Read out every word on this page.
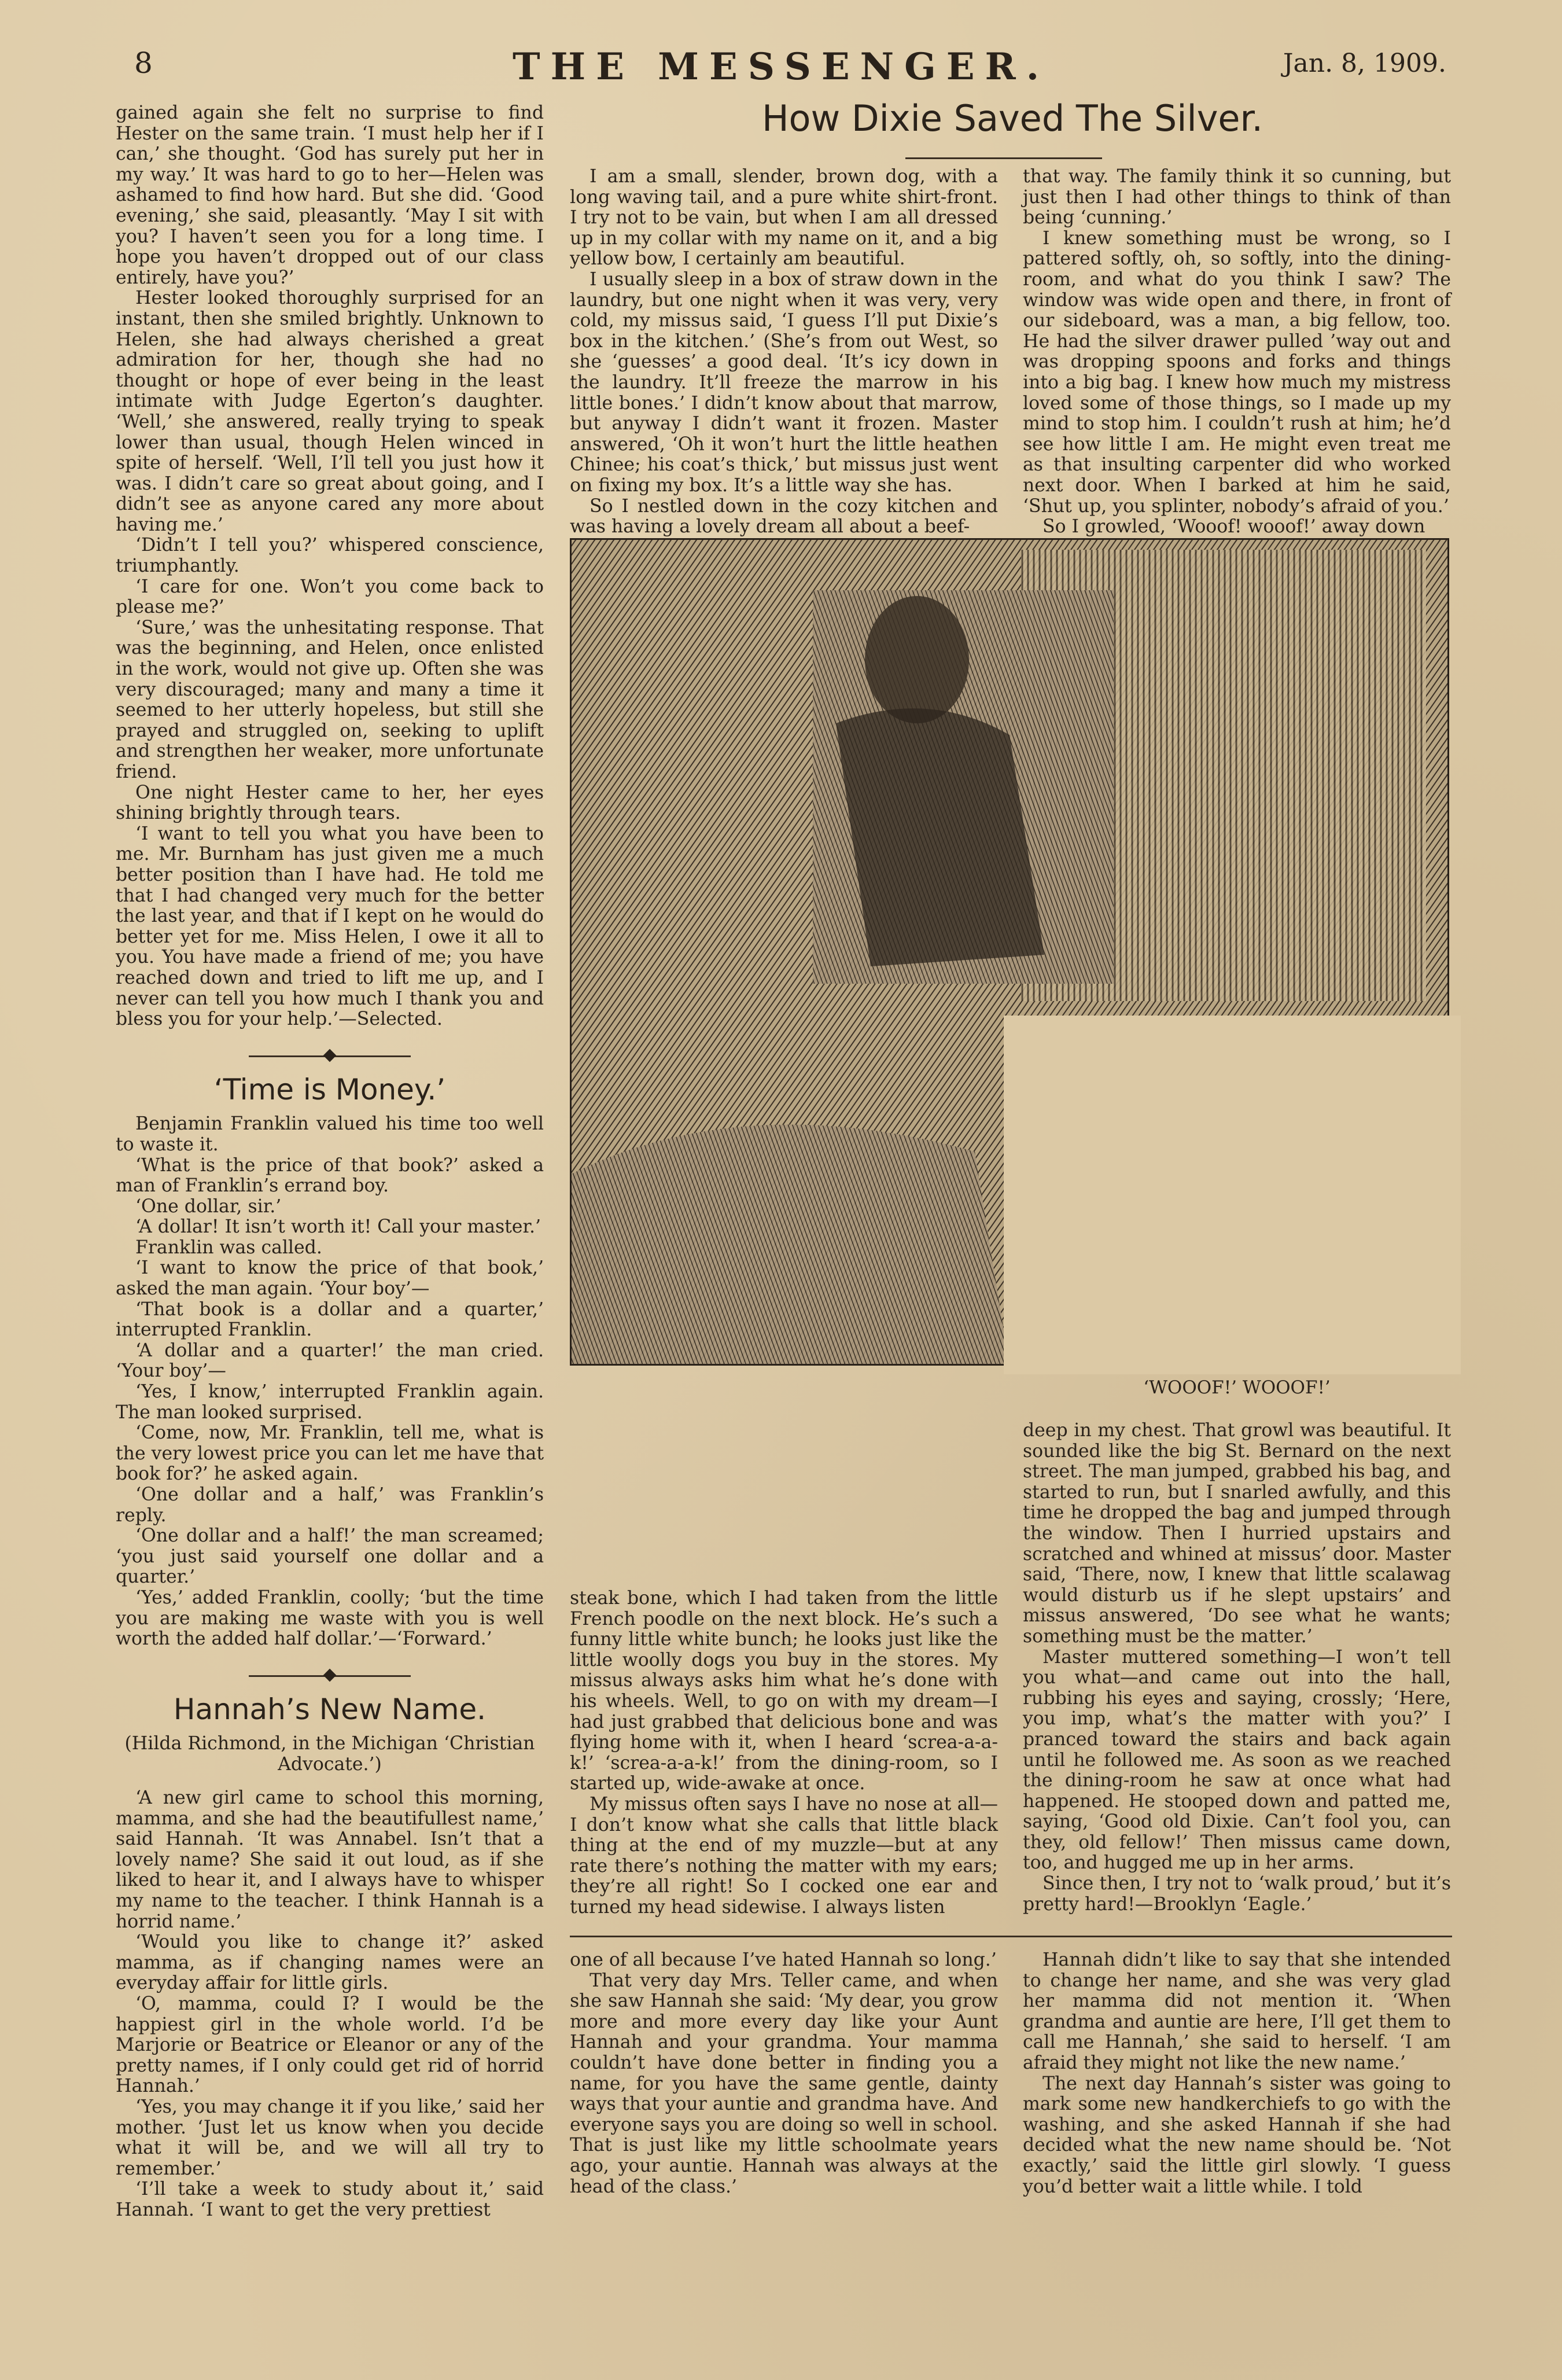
8	THE MESSENGER.	Jan. 8, 1909.

gained again she felt no surprise to find Hester on the same train. ‘I must help her if I can,’ she thought. ‘God has surely put her in my way.’ It was hard to go to her—Helen was ashamed to find how hard. But she did. ‘Good evening,’ she said, pleasantly. ‘May I sit with you? I haven’t seen you for a long time. I hope you haven’t dropped out of our class entirely, have you?’

Hester looked thoroughly surprised for an instant, then she smiled brightly. Unknown to Helen, she had always cherished a great admiration for her, though she had no thought or hope of ever being in the least intimate with Judge Egerton’s daughter. ‘Well,’ she answered, really trying to speak lower than usual, though Helen winced in spite of herself. ‘Well, I’ll tell you just how it was. I didn’t care so great about going, and I didn’t see as anyone cared any more about having me.’

‘Didn’t I tell you?’ whispered conscience, triumphantly.

‘I care for one. Won’t you come back to please me?’

‘Sure,’ was the unhesitating response. That was the beginning, and Helen, once enlisted in the work, would not give up. Often she was very discouraged; many and many a time it seemed to her utterly hopeless, but still she prayed and struggled on, seeking to uplift and strengthen her weaker, more unfortunate friend.

One night Hester came to her, her eyes shining brightly through tears.

‘I want to tell you what you have been to me. Mr. Burnham has just given me a much better position than I have had. He told me that I had changed very much for the better the last year, and that if I kept on he would do better yet for me. Miss Helen, I owe it all to you. You have made a friend of me; you have reached down and tried to lift me up, and I never can tell you how much I thank you and bless you for your help.’—Selected.

‘Time is Money.’

Benjamin Franklin valued his time too well to waste it.

‘What is the price of that book?’ asked a man of Franklin’s errand boy.

‘One dollar, sir.’

‘A dollar! It isn’t worth it! Call your master.’

Franklin was called.

‘I want to know the price of that book,’ asked the man again. ‘Your boy’—

‘That book is a dollar and a quarter,’ interrupted Franklin.

‘A dollar and a quarter!’ the man cried. ‘Your boy’—

‘Yes, I know,’ interrupted Franklin again. The man looked surprised.

‘Come, now, Mr. Franklin, tell me, what is the very lowest price you can let me have that book for?’ he asked again.

‘One dollar and a half,’ was Franklin’s reply.

‘One dollar and a half!’ the man screamed; ‘you just said yourself one dollar and a quarter.’

‘Yes,’ added Franklin, coolly; ‘but the time you are making me waste with you is well worth the added half dollar.’—‘Forward.’

Hannah’s New Name.
(Hilda Richmond, in the Michigan ‘Christian Advocate.’)
How Dixie Saved The Silver.

I am a small, slender, brown dog, with a long waving tail, and a pure white shirt-front. I try not to be vain, but when I am all dressed up in my collar with my name on it, and a big yellow bow, I certainly am beautiful.

I usually sleep in a box of straw down in the laundry, but one night when it was very, very cold, my missus said, ‘I guess I’ll put Dixie’s box in the kitchen.’ (She’s from out West, so she ‘guesses’ a good deal. ‘It’s icy down in the laundry. It’ll freeze the marrow in his little bones.’ I didn’t know about that marrow, but anyway I didn’t want it frozen. Master answered, ‘Oh it won’t hurt the little heathen Chinee; his coat’s thick,’ but missus just went on fixing my box. It’s a little way she has.

So I nestled down in the cozy kitchen and was having a lovely dream all about a beef-

that way. The family think it so cunning, but just then I had other things to think of than being ‘cunning.’

I knew something must be wrong, so I pattered softly, oh, so softly, into the dining-room, and what do you think I saw? The window was wide open and there, in front of our sideboard, was a man, a big fellow, too. He had the silver drawer pulled ’way out and was dropping spoons and forks and things into a big bag. I knew how much my mistress loved some of those things, so I made up my mind to stop him. I couldn’t rush at him; he’d see how little I am. He might even treat me as that insulting carpenter did who worked next door. When I barked at him he said, ‘Shut up, you splinter, nobody’s afraid of you.’

So I growled, ‘Wooof! wooof!’ away down

‘WOOOF!’ WOOOF!’

deep in my chest. That growl was beautiful. It sounded like the big St. Bernard on the next street. The man jumped, grabbed his bag, and started to run, but I snarled awfully, and this time he dropped the bag and jumped through the window. Then I hurried upstairs and scratched and whined at missus’ door. Master said, ‘There, now, I knew that little scalawag would disturb us if he slept upstairs’ and missus answered, ‘Do see what he wants; something must be the matter.’

Master muttered something—I won’t tell you what—and came out into the hall, rubbing his eyes and saying, crossly; ‘Here, you imp, what’s the matter with you?’ I pranced toward the stairs and back again until he followed me. As soon as we reached the dining-room he saw at once what had happened. He stooped down and patted me, saying, ‘Good old Dixie. Can’t fool you, can they, old fellow!’ Then missus came down, too, and hugged me up in her arms.

Since then, I try not to ‘walk proud,’ but it’s pretty hard!—Brooklyn ‘Eagle.’

steak bone, which I had taken from the little French poodle on the next block. He’s such a funny little white bunch; he looks just like the little woolly dogs you buy in the stores. My missus always asks him what he’s done with his wheels. Well, to go on with my dream—I had just grabbed that delicious bone and was flying home with it, when I heard ‘screa-a-a-k!’ ‘screa-a-a-k!’ from the dining-room, so I started up, wide-awake at once.

My missus often says I have no nose at all—I don’t know what she calls that little black thing at the end of my muzzle—but at any rate there’s nothing the matter with my ears; they’re all right! So I cocked one ear and turned my head sidewise. I always listen

‘A new girl came to school this morning, mamma, and she had the beautifullest name,’ said Hannah. ‘It was Annabel. Isn’t that a lovely name? She said it out loud, as if she liked to hear it, and I always have to whisper my name to the teacher. I think Hannah is a horrid name.’

‘Would you like to change it?’ asked mamma, as if changing names were an everyday affair for little girls.

‘O, mamma, could I? I would be the happiest girl in the whole world. I’d be Marjorie or Beatrice or Eleanor or any of the pretty names, if I only could get rid of horrid Hannah.’

‘Yes, you may change it if you like,’ said her mother. ‘Just let us know when you decide what it will be, and we will all try to remember.’

‘I’ll take a week to study about it,’ said Hannah. ‘I want to get the very prettiest

one of all because I’ve hated Hannah so long.’

That very day Mrs. Teller came, and when she saw Hannah she said: ‘My dear, you grow more and more every day like your Aunt Hannah and your grandma. Your mamma couldn’t have done better in finding you a name, for you have the same gentle, dainty ways that your auntie and grandma have. And everyone says you are doing so well in school. That is just like my little schoolmate years ago, your auntie. Hannah was always at the head of the class.’

Hannah didn’t like to say that she intended to change her name, and she was very glad her mamma did not mention it. ‘When grandma and auntie are here, I’ll get them to call me Hannah,’ she said to herself. ‘I am afraid they might not like the new name.’

The next day Hannah’s sister was going to mark some new handkerchiefs to go with the washing, and she asked Hannah if she had decided what the new name should be. ‘Not exactly,’ said the little girl slowly. ‘I guess you’d better wait a little while. I told
